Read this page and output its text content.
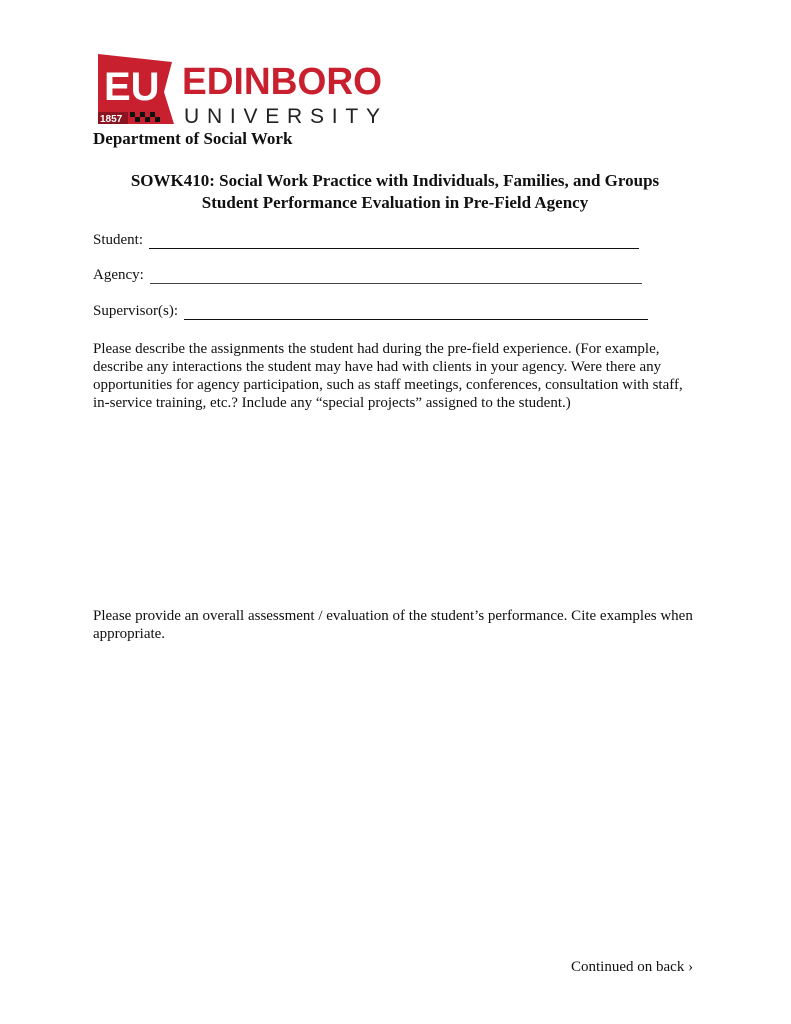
EU
1857
EDINBORO
UNIVERSITY
Department of Social Work
SOWK410: Social Work Practice with Individuals, Families, and Groups
Student Performance Evaluation in Pre-Field Agency
Student:
Agency:
Supervisor(s):

Please describe the assignments the student had during the pre-field experience. (For example, describe any interactions the student may have had with clients in your agency. Were there any opportunities for agency participation, such as staff meetings, conferences, consultation with staff, in-service training, etc.? Include any “special projects” assigned to the student.)

Please provide an overall assessment / evaluation of the student’s performance. Cite examples when appropriate.

Continued on back ›
